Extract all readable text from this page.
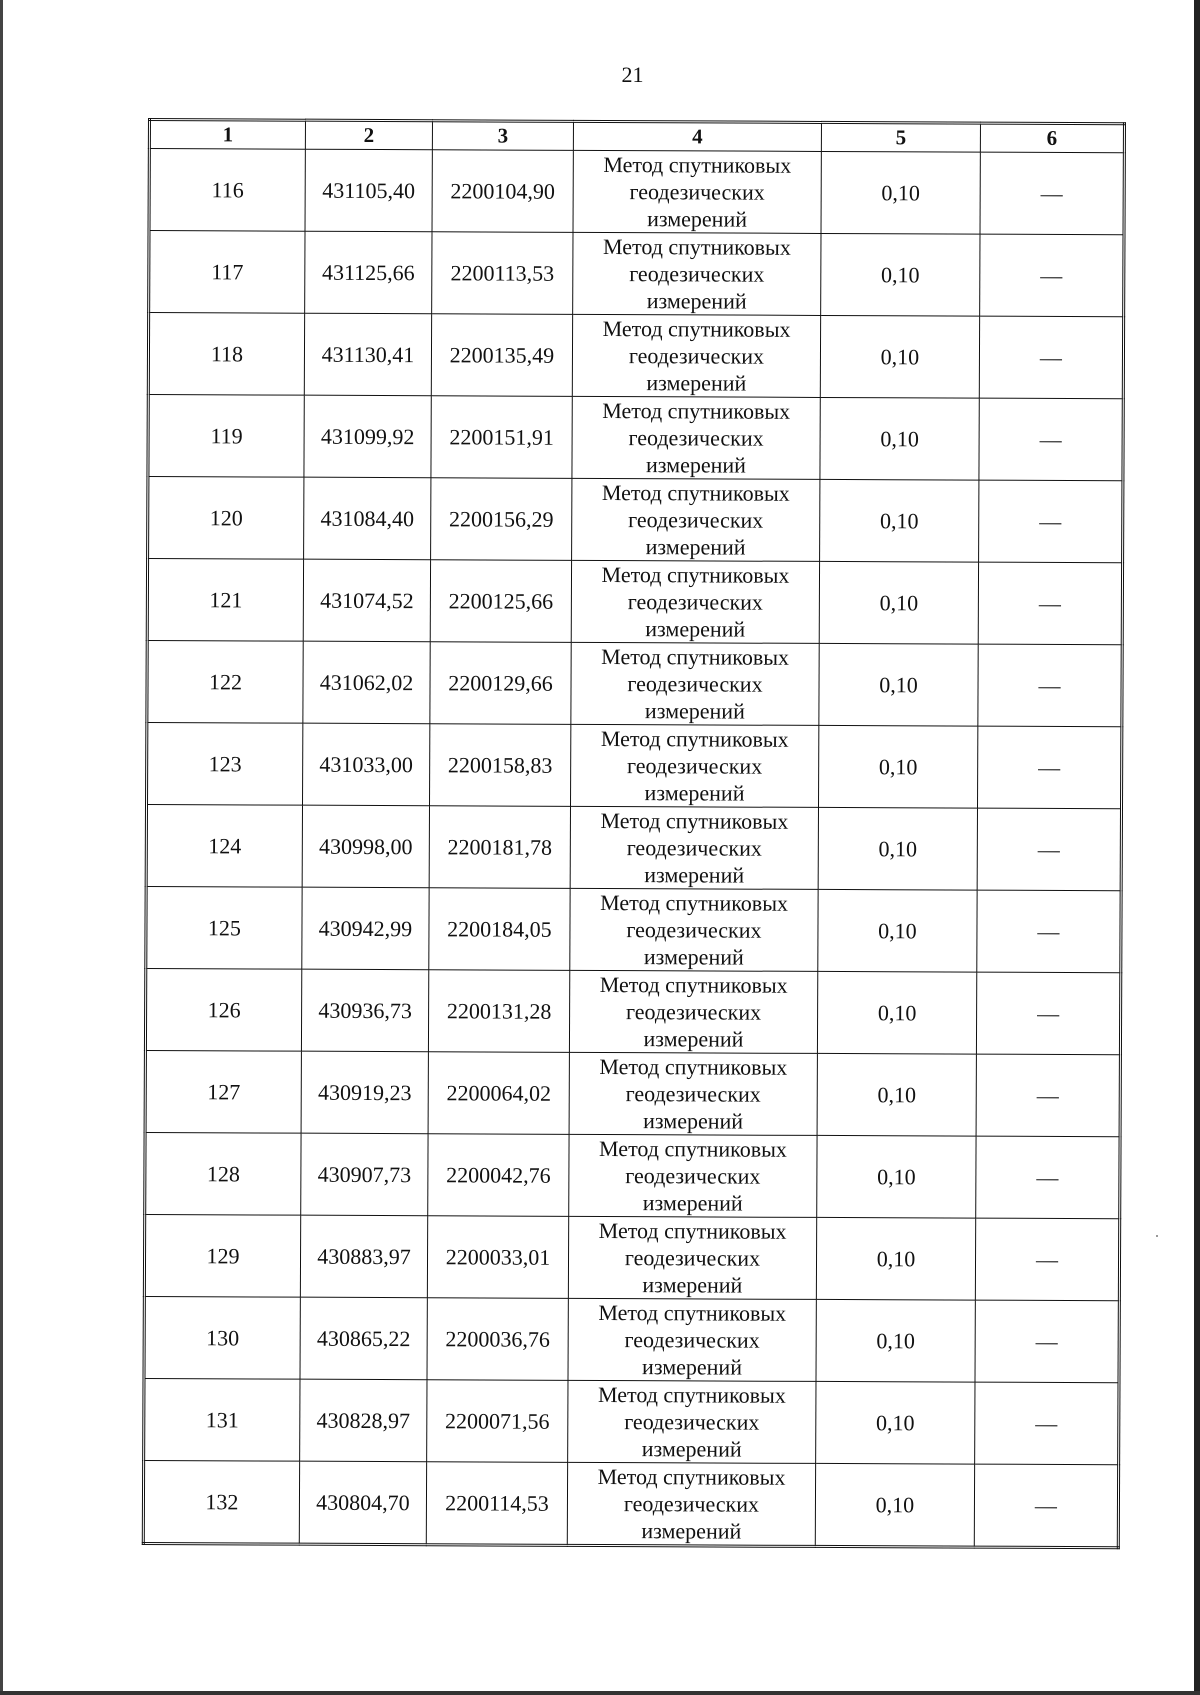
21
1	2	3	4	5	6
116	431105,40	2200104,90	Метод спутниковых
геодезических
измерений	0,10	—
117	431125,66	2200113,53	Метод спутниковых
геодезических
измерений	0,10	—
118	431130,41	2200135,49	Метод спутниковых
геодезических
измерений	0,10	—
119	431099,92	2200151,91	Метод спутниковых
геодезических
измерений	0,10	—
120	431084,40	2200156,29	Метод спутниковых
геодезических
измерений	0,10	—
121	431074,52	2200125,66	Метод спутниковых
геодезических
измерений	0,10	—
122	431062,02	2200129,66	Метод спутниковых
геодезических
измерений	0,10	—
123	431033,00	2200158,83	Метод спутниковых
геодезических
измерений	0,10	—
124	430998,00	2200181,78	Метод спутниковых
геодезических
измерений	0,10	—
125	430942,99	2200184,05	Метод спутниковых
геодезических
измерений	0,10	—
126	430936,73	2200131,28	Метод спутниковых
геодезических
измерений	0,10	—
127	430919,23	2200064,02	Метод спутниковых
геодезических
измерений	0,10	—
128	430907,73	2200042,76	Метод спутниковых
геодезических
измерений	0,10	—
129	430883,97	2200033,01	Метод спутниковых
геодезических
измерений	0,10	—
130	430865,22	2200036,76	Метод спутниковых
геодезических
измерений	0,10	—
131	430828,97	2200071,56	Метод спутниковых
геодезических
измерений	0,10	—
132	430804,70	2200114,53	Метод спутниковых
геодезических
измерений	0,10	—
